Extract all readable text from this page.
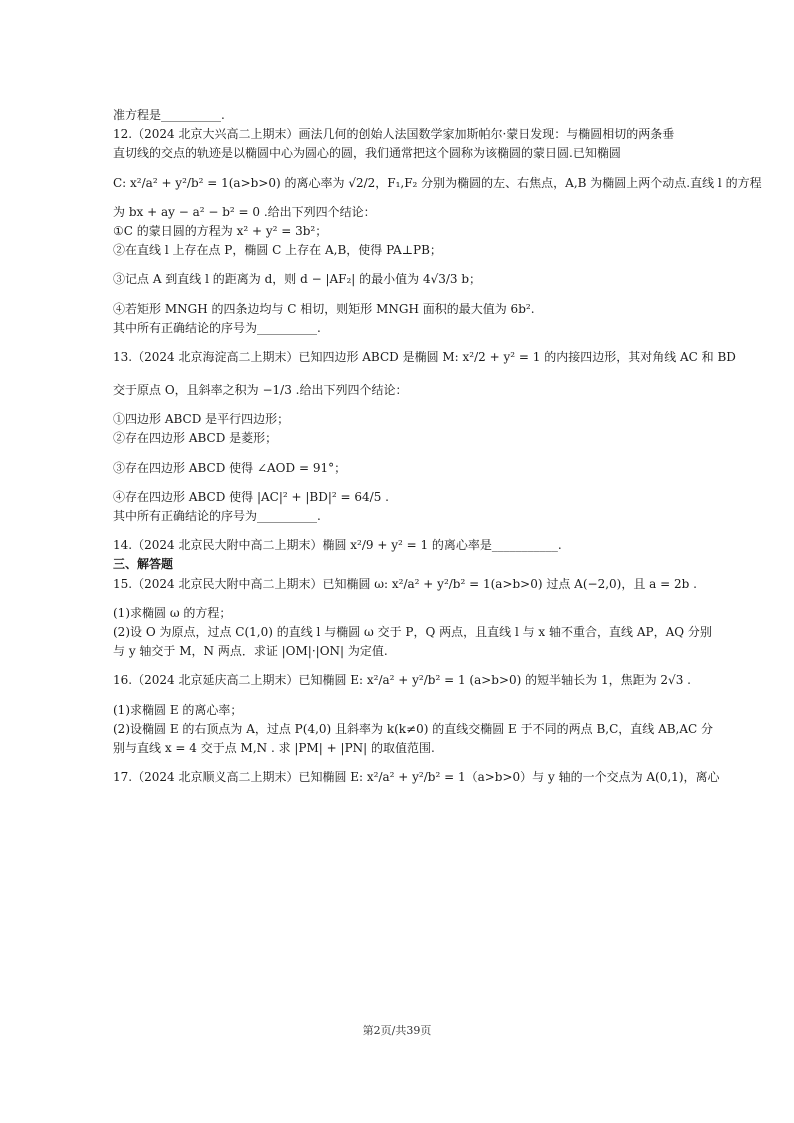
准方程是__________.

12.（2024 北京大兴高二上期末）画法几何的创始人法国数学家加斯帕尔·蒙日发现：与椭圆相切的两条垂

直切线的交点的轨迹是以椭圆中心为圆心的圆，我们通常把这个圆称为该椭圆的蒙日圆.已知椭圆

C: x²/a² + y²/b² = 1(a>b>0) 的离心率为 √2/2，F₁,F₂ 分别为椭圆的左、右焦点，A,B 为椭圆上两个动点.直线 l 的方程

为 bx + ay − a² − b² = 0 .给出下列四个结论：

①C 的蒙日圆的方程为 x² + y² = 3b²；

②在直线 l 上存在点 P，椭圆 C 上存在 A,B，使得 PA⊥PB；

③记点 A 到直线 l 的距离为 d，则 d − |AF₂| 的最小值为 4√3/3 b；

④若矩形 MNGH 的四条边均与 C 相切，则矩形 MNGH 面积的最大值为 6b².

其中所有正确结论的序号为__________.

13.（2024 北京海淀高二上期末）已知四边形 ABCD 是椭圆 M: x²/2 + y² = 1 的内接四边形，其对角线 AC 和 BD

交于原点 O，且斜率之积为 −1/3 .给出下列四个结论：

①四边形 ABCD 是平行四边形；

②存在四边形 ABCD 是菱形；

③存在四边形 ABCD 使得 ∠AOD = 91°；

④存在四边形 ABCD 使得 |AC|² + |BD|² = 64/5 .

其中所有正确结论的序号为__________.

14.（2024 北京民大附中高二上期末）椭圆 x²/9 + y² = 1 的离心率是___________.

三、解答题

15.（2024 北京民大附中高二上期末）已知椭圆 ω: x²/a² + y²/b² = 1(a>b>0) 过点 A(−2,0)，且 a = 2b .

(1)求椭圆 ω 的方程；

(2)设 O 为原点，过点 C(1,0) 的直线 l 与椭圆 ω 交于 P，Q 两点，且直线 l 与 x 轴不重合，直线 AP，AQ 分别

与 y 轴交于 M，N 两点．求证 |OM|·|ON| 为定值.

16.（2024 北京延庆高二上期末）已知椭圆 E: x²/a² + y²/b² = 1 (a>b>0) 的短半轴长为 1，焦距为 2√3 .

(1)求椭圆 E 的离心率；

(2)设椭圆 E 的右顶点为 A，过点 P(4,0) 且斜率为 k(k≠0) 的直线交椭圆 E 于不同的两点 B,C，直线 AB,AC 分

别与直线 x = 4 交于点 M,N . 求 |PM| + |PN| 的取值范围.

17.（2024 北京顺义高二上期末）已知椭圆 E: x²/a² + y²/b² = 1（a>b>0）与 y 轴的一个交点为 A(0,1)，离心

第2页/共39页
